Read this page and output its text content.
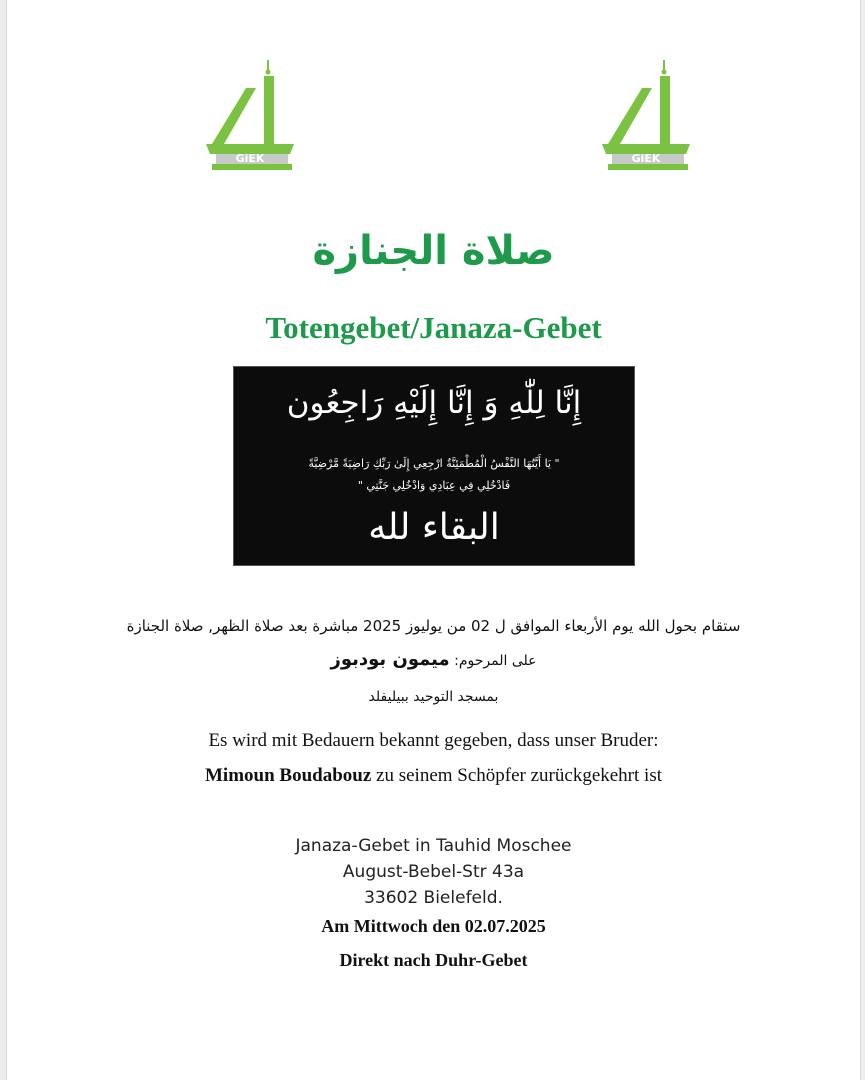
GiEK	GiEK
صلاة الجنازة
Totengebet/Janaza-Gebet
إِنَّا لِلّٰهِ وَ إِنَّا إِلَيْهِ رَاجِعُون
" يَا أَيَّتُهَا النَّفْسُ الْمُطْمَئِنَّةُ ارْجِعِي إِلَىٰ رَبِّكِ رَاضِيَةً مَّرْضِيَّةً
فَادْخُلِي فِي عِبَادِي وَادْخُلِي جَنَّتِي "
البقاء لله
ستقام بحول الله يوم الأربعاء الموافق ل 02 من يوليوز 2025 مباشرة بعد صلاة الظهر, صلاة الجنازة
على المرحوم: ميمون بودبوز
بمسجد التوحيد ببيليفلد
Es wird mit Bedauern bekannt gegeben, dass unser Bruder:
Mimoun Boudabouz zu seinem Schöpfer zurückgekehrt ist
Janaza-Gebet in Tauhid Moschee
August-Bebel-Str 43a
33602 Bielefeld.
Am Mittwoch den 02.07.2025
Direkt nach Duhr-Gebet
